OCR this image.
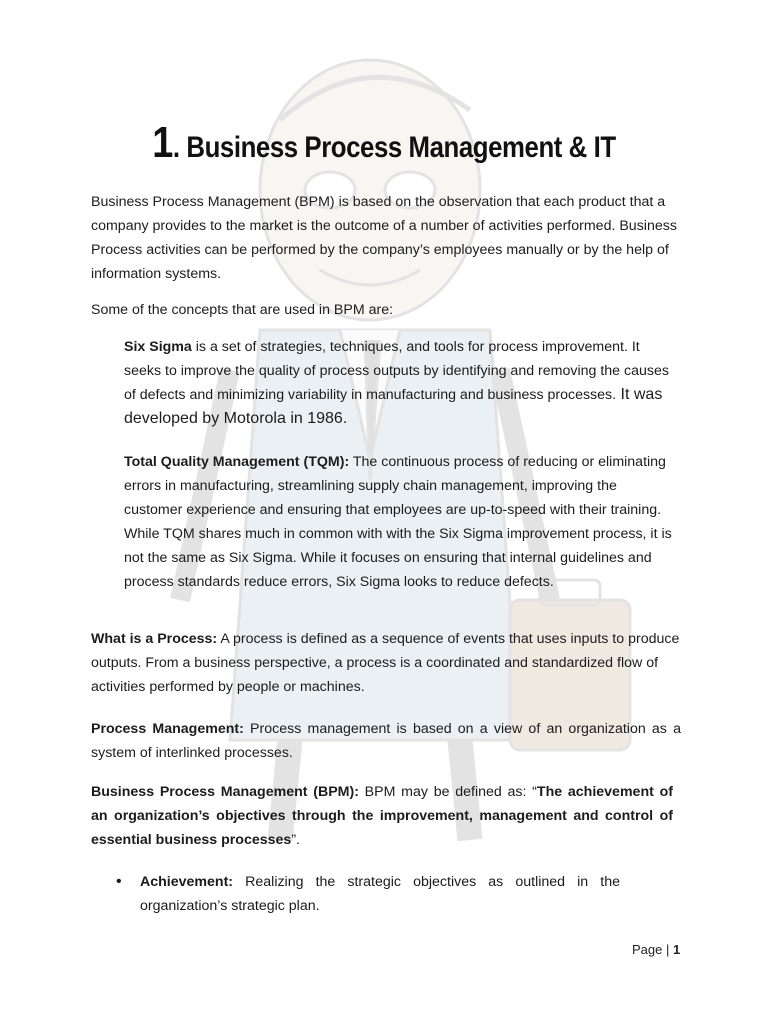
1. Business Process Management & IT
Business Process Management (BPM) is based on the observation that each product that a company provides to the market is the outcome of a number of activities performed. Business Process activities can be performed by the company’s employees manually or by the help of information systems.
Some of the concepts that are used in BPM are:
Six Sigma is a set of strategies, techniques, and tools for process improvement. It seeks to improve the quality of process outputs by identifying and removing the causes of defects and minimizing variability in manufacturing and business processes. It was developed by Motorola in 1986.
Total Quality Management (TQM): The continuous process of reducing or eliminating errors in manufacturing, streamlining supply chain management, improving the customer experience and ensuring that employees are up-to-speed with their training. While TQM shares much in common with with the Six Sigma improvement process, it is not the same as Six Sigma. While it focuses on ensuring that internal guidelines and process standards reduce errors, Six Sigma looks to reduce defects.
What is a Process: A process is defined as a sequence of events that uses inputs to produce outputs. From a business perspective, a process is a coordinated and standardized flow of activities performed by people or machines.
Process Management: Process management is based on a view of an organization as a system of interlinked processes.
Business Process Management (BPM): BPM may be defined as: “The achievement of an organization’s objectives through the improvement, management and control of essential business processes”.
• Achievement: Realizing the strategic objectives as outlined in the organization’s strategic plan.
Page | 1
